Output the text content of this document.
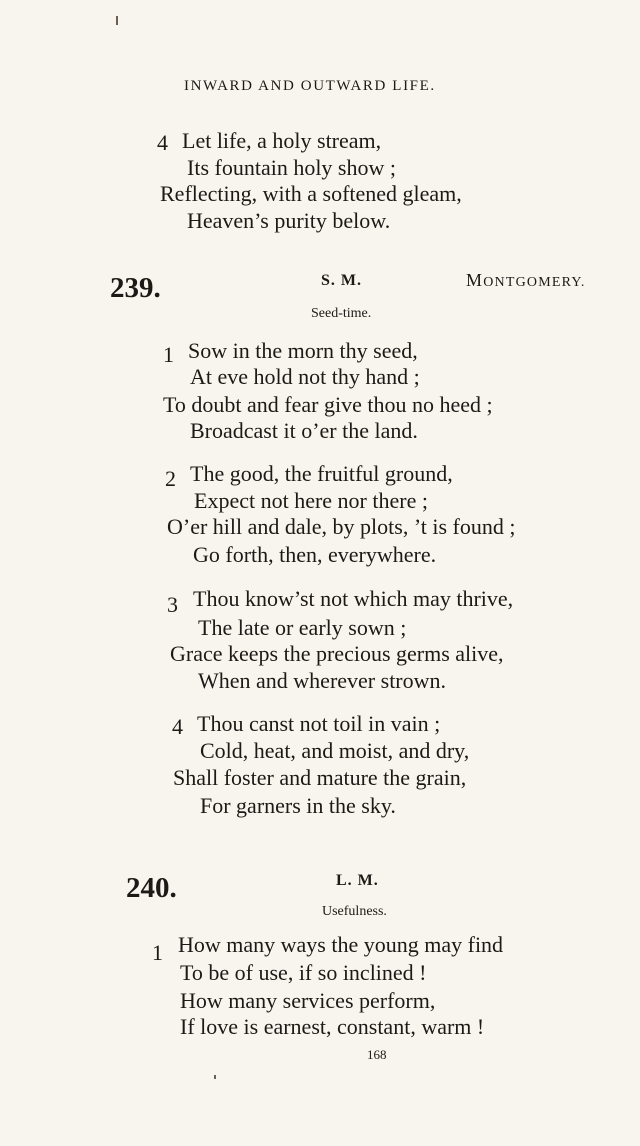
INWARD AND OUTWARD LIFE.
4 Let life, a holy stream,
Its fountain holy show ;
Reflecting, with a softened gleam,
Heaven’s purity below.
239.	S. M.	MONTGOMERY.
Seed-time.
1 Sow in the morn thy seed,
At eve hold not thy hand ;
To doubt and fear give thou no heed ;
Broadcast it o’er the land.
2 The good, the fruitful ground,
Expect not here nor there ;
O’er hill and dale, by plots, ’t is found ;
Go forth, then, everywhere.
3 Thou know’st not which may thrive,
The late or early sown ;
Grace keeps the precious germs alive,
When and wherever strown.
4 Thou canst not toil in vain ;
Cold, heat, and moist, and dry,
Shall foster and mature the grain,
For garners in the sky.
240.	L. M.
Usefulness.
1 How many ways the young may find
To be of use, if so inclined !
How many services perform,
If love is earnest, constant, warm !
168
